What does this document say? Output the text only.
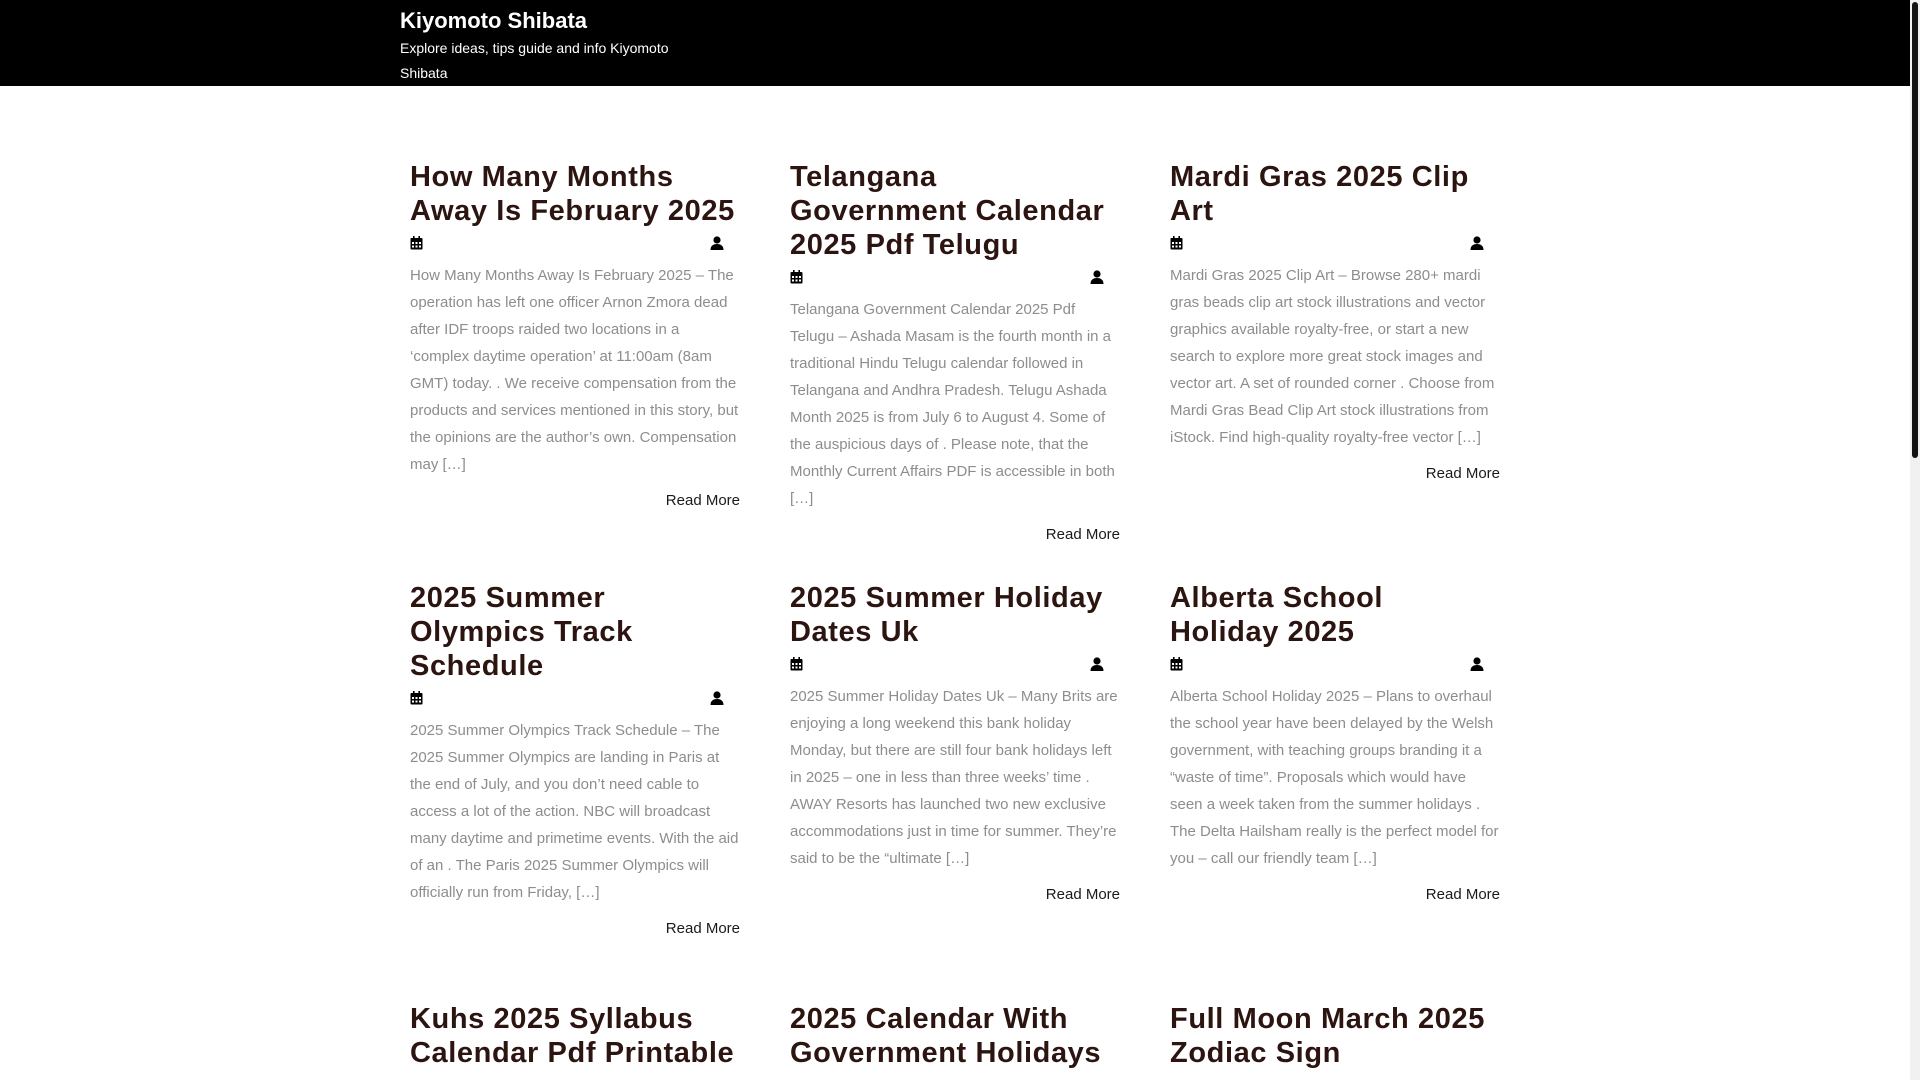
Kiyomoto Shibata
Explore ideas, tips guide and info Kiyomoto Shibata
How Many Months Away Is February 2025

How Many Months Away Is February 2025 – The operation has left one officer Arnon Zmora dead after IDF troops raided two locations in a ‘complex daytime operation’ at 11:00am (8am GMT) today. . We receive compensation from the products and services mentioned in this story, but the opinions are the author’s own. Compensation may […]

Read More
Telangana Government Calendar 2025 Pdf Telugu

Telangana Government Calendar 2025 Pdf Telugu – Ashada Masam is the fourth month in a traditional Hindu Telugu calendar followed in Telangana and Andhra Pradesh. Telugu Ashada Month 2025 is from July 6 to August 4. Some of the auspicious days of . Please note, that the Monthly Current Affairs PDF is accessible in both […]

Read More
Mardi Gras 2025 Clip Art

Mardi Gras 2025 Clip Art – Browse 280+ mardi gras beads clip art stock illustrations and vector graphics available royalty-free, or start a new search to explore more great stock images and vector art. A set of rounded corner . Choose from Mardi Gras Bead Clip Art stock illustrations from iStock. Find high-quality royalty-free vector […]

Read More
2025 Summer Olympics Track Schedule

2025 Summer Olympics Track Schedule – The 2025 Summer Olympics are landing in Paris at the end of July, and you don’t need cable to access a lot of the action. NBC will broadcast many daytime and primetime events. With the aid of an . The Paris 2025 Summer Olympics will officially run from Friday, […]

Read More
2025 Summer Holiday Dates Uk

2025 Summer Holiday Dates Uk – Many Brits are enjoying a long weekend this bank holiday Monday, but there are still four bank holidays left in 2025 – one in less than three weeks’ time . AWAY Resorts has launched two new exclusive accommodations just in time for summer. They’re said to be the “ultimate […]

Read More
Alberta School Holiday 2025

Alberta School Holiday 2025 – Plans to overhaul the school year have been delayed by the Welsh government, with teaching groups branding it a “waste of time”. Proposals which would have seen a week taken from the summer holidays . The Delta Hailsham really is the perfect model for you – call our friendly team […]

Read More
Kuhs 2025 Syllabus Calendar Pdf Printable
2025 Calendar With Government Holidays
Full Moon March 2025 Zodiac Sign
